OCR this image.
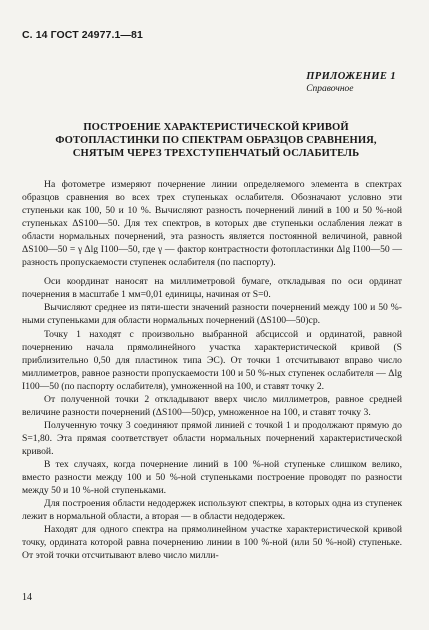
С. 14 ГОСТ 24977.1—81
ПРИЛОЖЕНИЕ 1
Справочное
ПОСТРОЕНИЕ ХАРАКТЕРИСТИЧЕСКОЙ КРИВОЙ
ФОТОПЛАСТИНКИ ПО СПЕКТРАМ ОБРАЗЦОВ СРАВНЕНИЯ,
СНЯТЫМ ЧЕРЕЗ ТРЕХСТУПЕНЧАТЫЙ ОСЛАБИТЕЛЬ

На фотометре измеряют почернение линии определяемого элемента в спектрах образцов сравнения во всех трех ступеньках ослабителя. Обозначают условно эти ступеньки как 100, 50 и 10 %. Вычисляют разность почернений линий в 100 и 50 %-ной ступеньках ΔS100—50. Для тех спектров, в которых две ступеньки ослабления лежат в области нормальных почернений, эта разность является постоянной величиной, равной ΔS100—50 = γ Δlg I100—50, где γ — фактор контрастности фотопластинки Δlg I100—50 — разность пропускаемости ступенек ослабителя (по паспорту).

Оси координат наносят на миллиметровой бумаге, откладывая по оси ординат почернения в масштабе 1 мм=0,01 единицы, начиная от S=0.

Вычисляют среднее из пяти-шести значений разности почернений между 100 и 50 %-ными ступеньками для области нормальных почернений (ΔS100—50)ср.

Точку 1 находят с произвольно выбранной абсциссой и ординатой, равной почернению начала прямолинейного участка характеристической кривой (S приблизительно 0,50 для пластинок типа ЭС). От точки 1 отсчитывают вправо число миллиметров, равное разности пропускаемости 100 и 50 %-ных ступенек ослабителя — Δlg I100—50 (по паспорту ослабителя), умноженной на 100, и ставят точку 2.

От полученной точки 2 откладывают вверх число миллиметров, равное средней величине разности почернений (ΔS100—50)ср, умноженное на 100, и ставят точку 3.

Полученную точку 3 соединяют прямой линией с точкой 1 и продолжают прямую до S=1,80. Эта прямая соответствует области нормальных почернений характеристической кривой.

В тех случаях, когда почернение линий в 100 %-ной ступеньке слишком велико, вместо разности между 100 и 50 %-ной ступеньками построение проводят по разности между 50 и 10 %-ной ступеньками.

Для построения области недодержек используют спектры, в которых одна из ступенек лежит в нормальной области, а вторая — в области недодержек.

Находят для одного спектра на прямолинейном участке характеристической кривой точку, ордината которой равна почернению линии в 100 %-ной (или 50 %-ной) ступеньке. От этой точки отсчитывают влево число милли-

14
